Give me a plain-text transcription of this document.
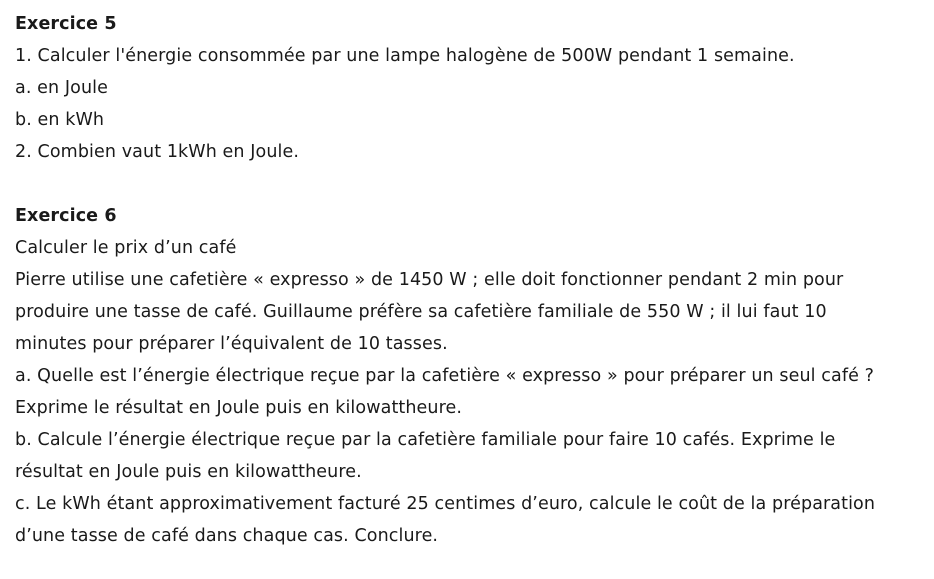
Exercice 5
1. Calculer l'énergie consommée par une lampe halogène de 500W pendant 1 semaine.
a. en Joule
b. en kWh
2. Combien vaut 1kWh en Joule.
Exercice 6
Calculer le prix d’un café
Pierre utilise une cafetière « expresso » de 1450 W ; elle doit fonctionner pendant 2 min pour
produire une tasse de café. Guillaume préfère sa cafetière familiale de 550 W ; il lui faut 10
minutes pour préparer l’équivalent de 10 tasses.
a. Quelle est l’énergie électrique reçue par la cafetière « expresso » pour préparer un seul café ?
Exprime le résultat en Joule puis en kilowattheure.
b. Calcule l’énergie électrique reçue par la cafetière familiale pour faire 10 cafés. Exprime le
résultat en Joule puis en kilowattheure.
c. Le kWh étant approximativement facturé 25 centimes d’euro, calcule le coût de la préparation
d’une tasse de café dans chaque cas. Conclure.
